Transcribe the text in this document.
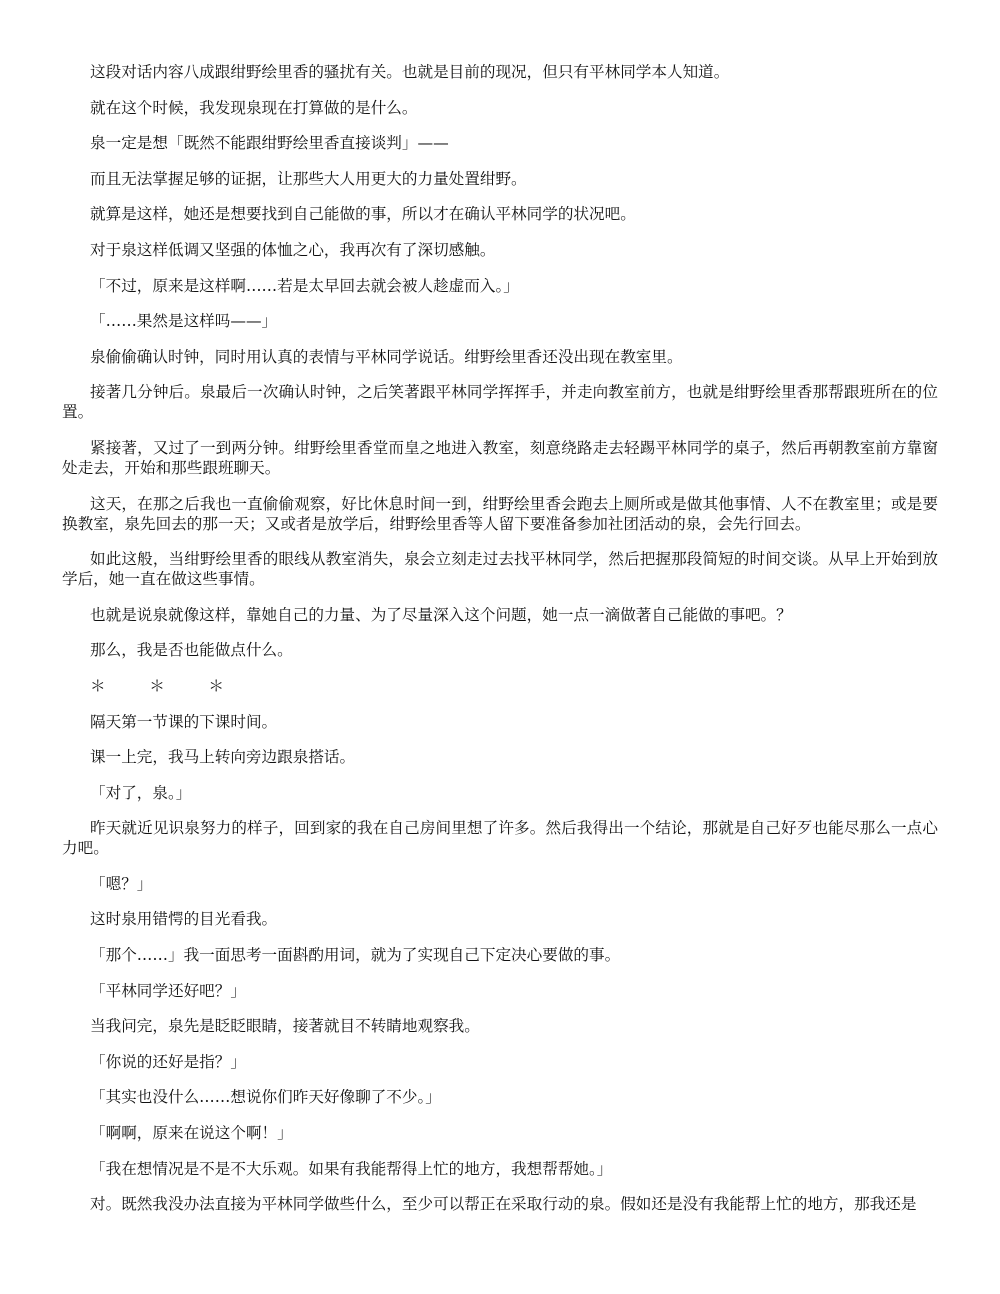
这段对话内容八成跟绀野绘里香的骚扰有关。也就是目前的现况，但只有平林同学本人知道。

就在这个时候，我发现泉现在打算做的是什么。

泉一定是想「既然不能跟绀野绘里香直接谈判」——

而且无法掌握足够的证据，让那些大人用更大的力量处置绀野。

就算是这样，她还是想要找到自己能做的事，所以才在确认平林同学的状况吧。

对于泉这样低调又坚强的体恤之心，我再次有了深切感触。

「不过，原来是这样啊……若是太早回去就会被人趁虚而入。」

「……果然是这样吗——」

泉偷偷确认时钟，同时用认真的表情与平林同学说话。绀野绘里香还没出现在教室里。

接著几分钟后。泉最后一次确认时钟，之后笑著跟平林同学挥挥手，并走向教室前方，也就是绀野绘里香那帮跟班所在的位置。

紧接著，又过了一到两分钟。绀野绘里香堂而皇之地进入教室，刻意绕路走去轻踢平林同学的桌子，然后再朝教室前方靠窗处走去，开始和那些跟班聊天。

这天，在那之后我也一直偷偷观察，好比休息时间一到，绀野绘里香会跑去上厕所或是做其他事情、人不在教室里；或是要换教室，泉先回去的那一天；又或者是放学后，绀野绘里香等人留下要准备参加社团活动的泉，会先行回去。

如此这般，当绀野绘里香的眼线从教室消失，泉会立刻走过去找平林同学，然后把握那段简短的时间交谈。从早上开始到放学后，她一直在做这些事情。

也就是说泉就像这样，靠她自己的力量、为了尽量深入这个问题，她一点一滴做著自己能做的事吧。？

那么，我是否也能做点什么。

＊　＊　＊

隔天第一节课的下课时间。

课一上完，我马上转向旁边跟泉搭话。

「对了，泉。」

昨天就近见识泉努力的样子，回到家的我在自己房间里想了许多。然后我得出一个结论，那就是自己好歹也能尽那么一点心力吧。

「嗯？」

这时泉用错愕的目光看我。

「那个……」我一面思考一面斟酌用词，就为了实现自己下定决心要做的事。

「平林同学还好吧？」

当我问完，泉先是眨眨眼睛，接著就目不转睛地观察我。

「你说的还好是指？」

「其实也没什么……想说你们昨天好像聊了不少。」

「啊啊，原来在说这个啊！」

「我在想情况是不是不大乐观。如果有我能帮得上忙的地方，我想帮帮她。」

对。既然我没办法直接为平林同学做些什么，至少可以帮正在采取行动的泉。假如还是没有我能帮上忙的地方，那我还是
